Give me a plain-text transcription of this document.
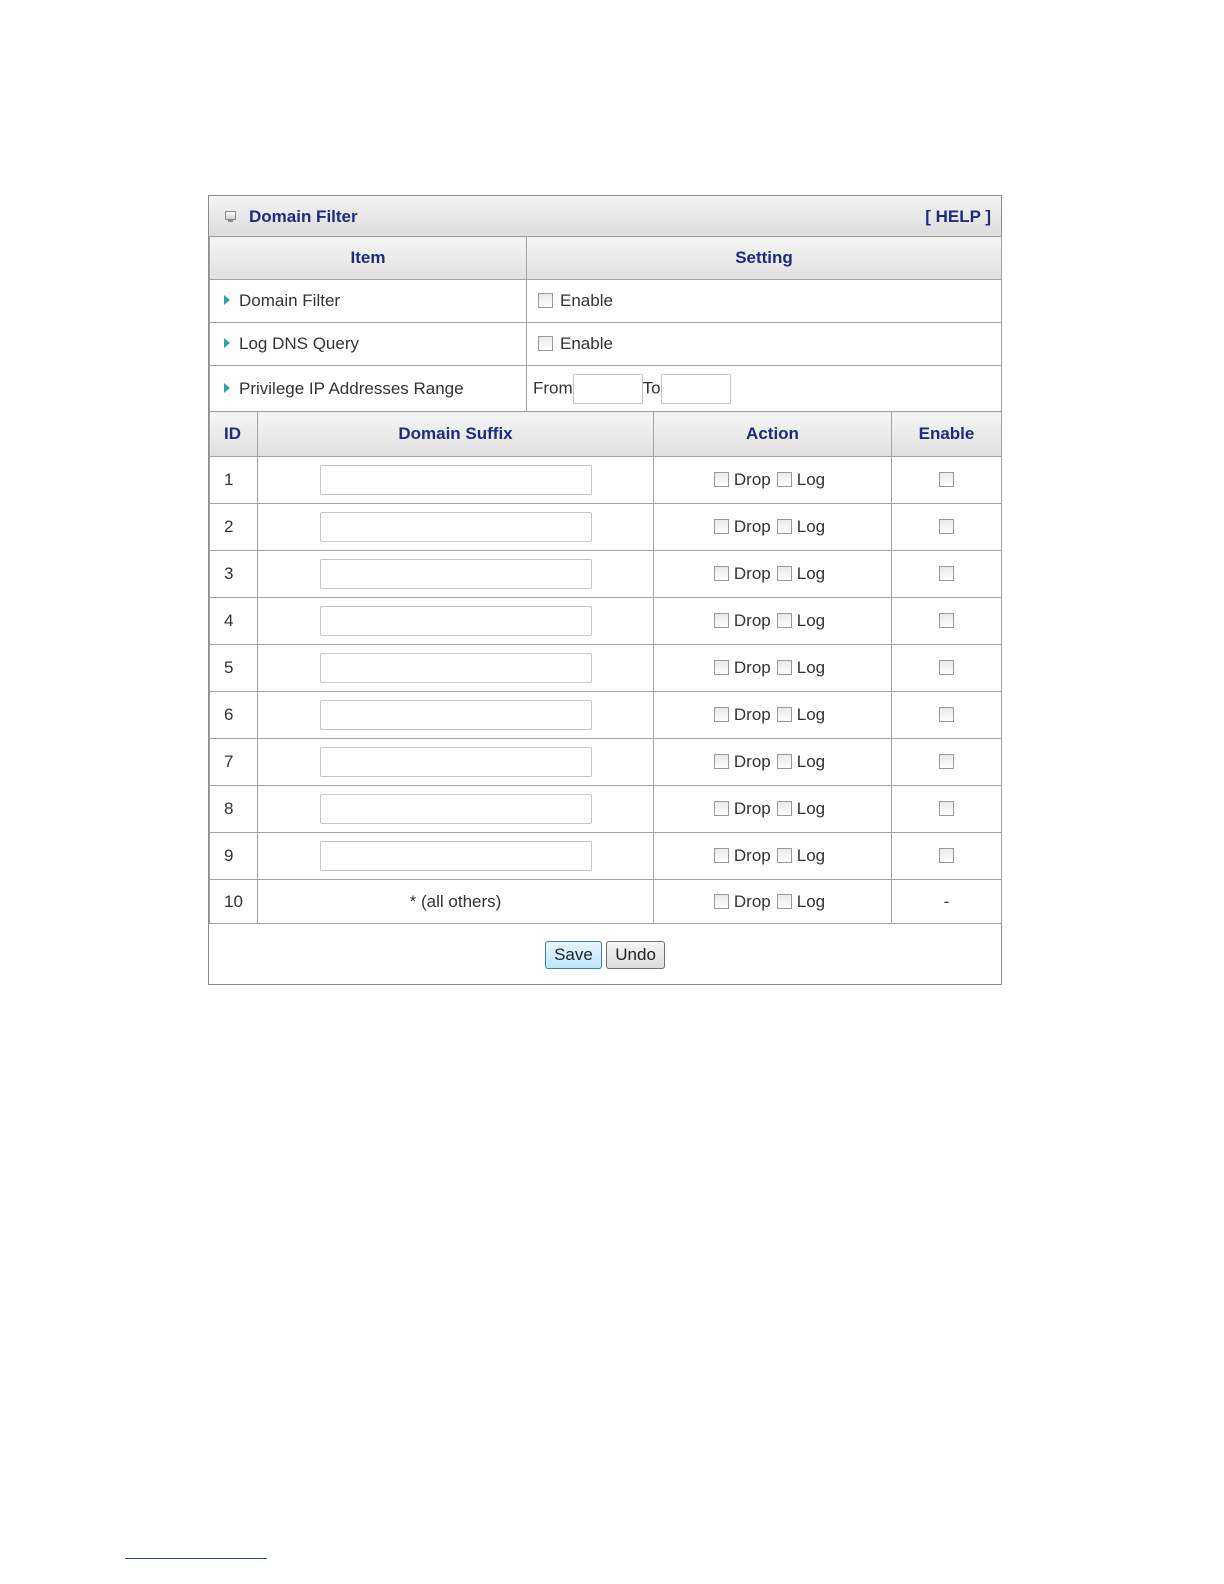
Domain Filter	[ HELP ]
Item	Setting
Domain Filter	Enable
Log DNS Query	Enable
Privilege IP Addresses Range	From To
ID	Domain Suffix	Action	Enable
1		Drop Log	
2		Drop Log	
3		Drop Log	
4		Drop Log	
5		Drop Log	
6		Drop Log	
7		Drop Log	
8		Drop Log	
9		Drop Log	
10	* (all others)	Drop Log	-
Save Undo
